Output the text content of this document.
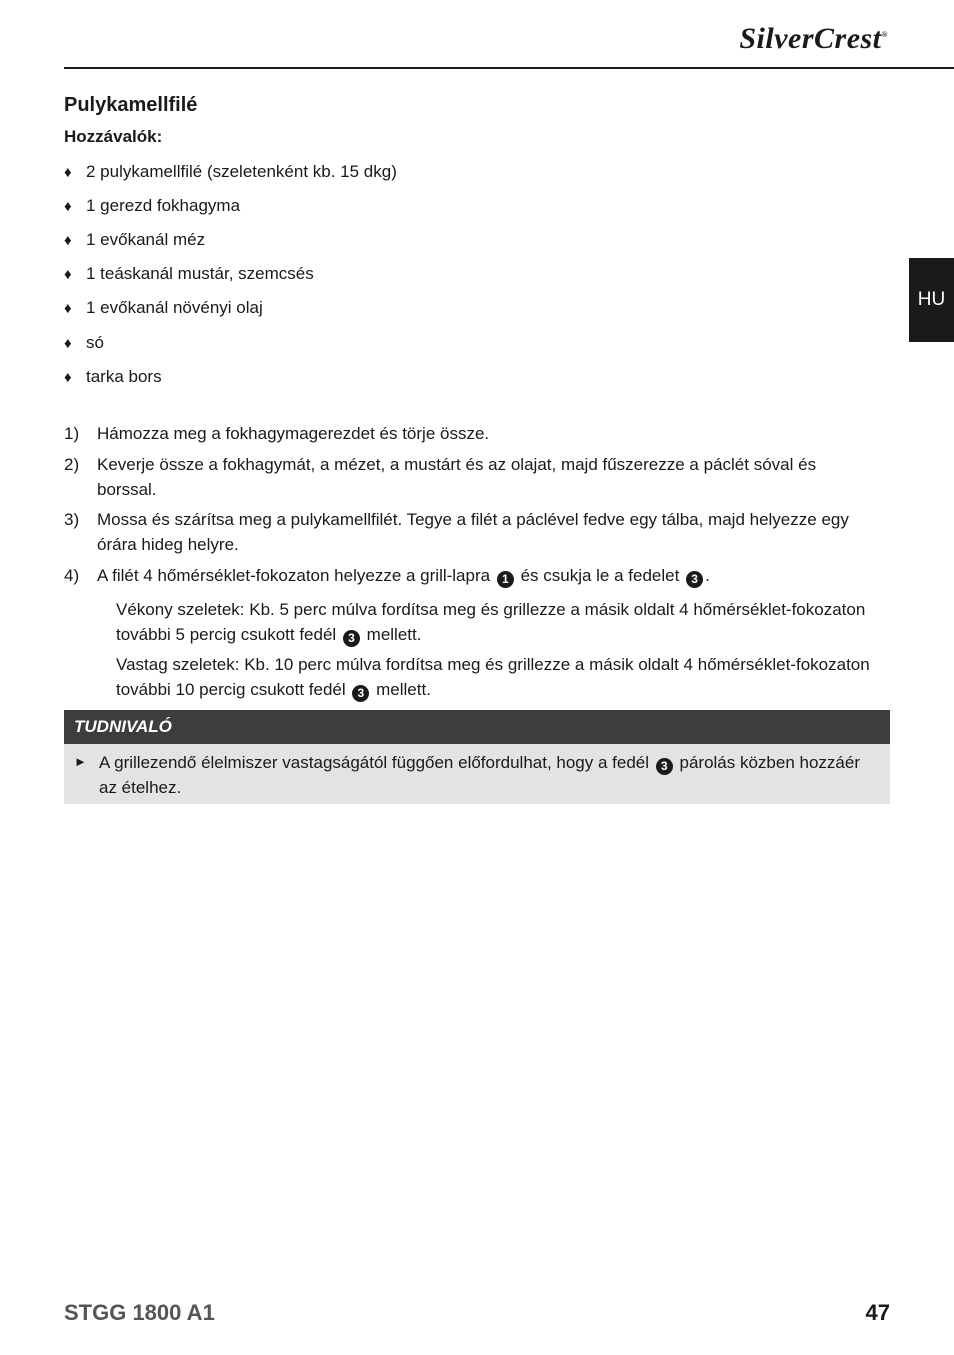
SilverCrest®
HU
Pulykamellfilé
Hozzávalók:
♦ 2 pulykamellfilé (szeletenként kb. 15 dkg)
♦ 1 gerezd fokhagyma
♦ 1 evőkanál méz
♦ 1 teáskanál mustár, szemcsés
♦ 1 evőkanál növényi olaj
♦ só
♦ tarka bors
1) Hámozza meg a fokhagymagerezdet és törje össze.
2) Keverje össze a fokhagymát, a mézet, a mustárt és az olajat, majd fűszerezze a páclét sóval és borssal.
3) Mossa és szárítsa meg a pulykamellfilét. Tegye a filét a páclével fedve egy tálba, majd helyezze egy órára hideg helyre.
4) A filét 4 hőmérséklet-fokozaton helyezze a grill-lapra 1 és csukja le a fedelet 3 .
Vékony szeletek: Kb. 5 perc múlva fordítsa meg és grillezze a másik oldalt 4 hőmérséklet-fokozaton további 5 percig csukott fedél 3 mellett.
Vastag szeletek: Kb. 10 perc múlva fordítsa meg és grillezze a másik oldalt 4 hőmérséklet-fokozaton további 10 percig csukott fedél 3 mellett.
TUDNIVALÓ
► A grillezendő élelmiszer vastagságától függően előfordulhat, hogy a fedél 3 párolás közben hozzáér az ételhez.
STGG 1800 A1	47
